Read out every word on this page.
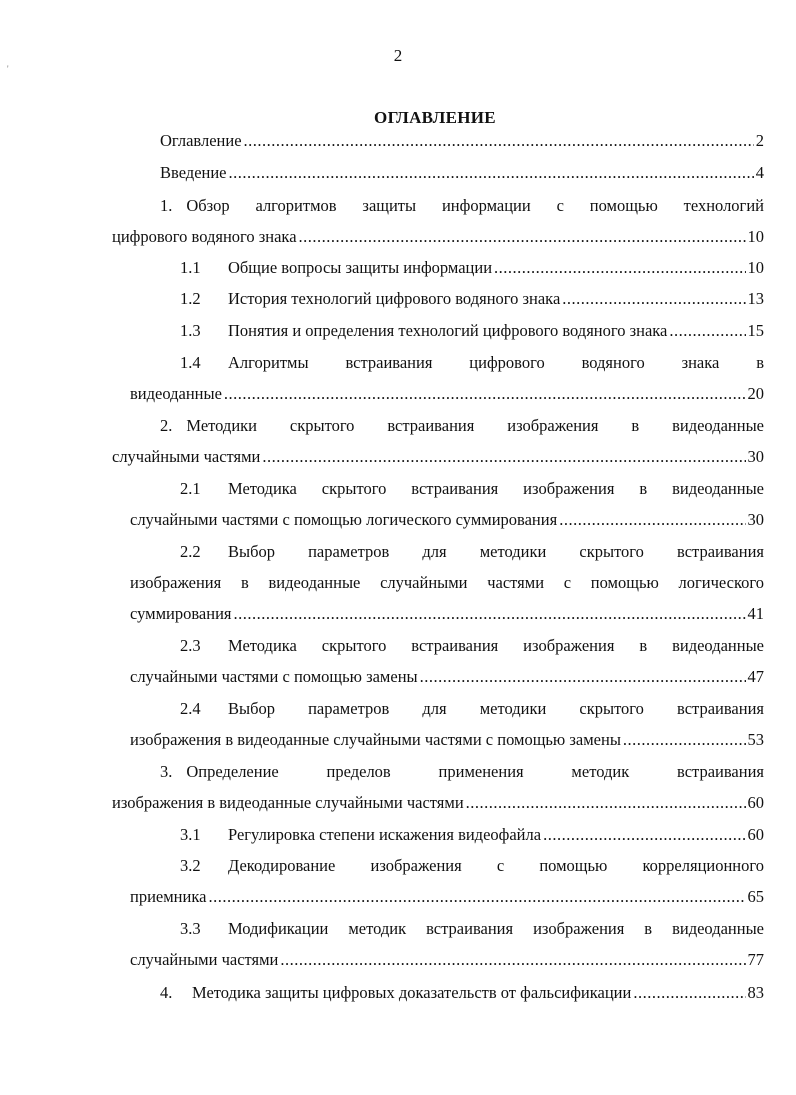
2
'
ОГЛАВЛЕНИЕ
Оглавление .....	2
Введение .....	4
1. Обзор алгоритмов защиты информации с помощью технологий
цифрового водяного знака .....	10
1.1 Общие вопросы защиты информации .....	10
1.2 История технологий цифрового водяного знака .....	13
1.3 Понятия и определения технологий цифрового водяного знака .....	15
1.4	Алгоритмы встраивания цифрового водяного знака в
видеоданные .....	20
2. Методики скрытого встраивания изображения в видеоданные
случайными частями .....	30
2.1	Методика скрытого встраивания изображения в видеоданные
случайными частями с помощью логического суммирования .....	30
2.2	Выбор параметров для методики скрытого встраивания
изображения в видеоданные случайными частями с помощью логического
суммирования .....	41
2.3	Методика скрытого встраивания изображения в видеоданные
случайными частями с помощью замены .....	47
2.4	Выбор параметров для методики скрытого встраивания
изображения в видеоданные случайными частями с помощью замены .....	53
3. Определение пределов применения методик встраивания
изображения в видеоданные случайными частями .....	60
3.1 Регулировка степени искажения видеофайла .....	60
3.2	Декодирование изображения с помощью корреляционного
приемника .....	65
3.3	Модификации методик встраивания изображения в видеоданные
случайными частями .....	77
4. Методика защиты цифровых доказательств от фальсификации .....	83
